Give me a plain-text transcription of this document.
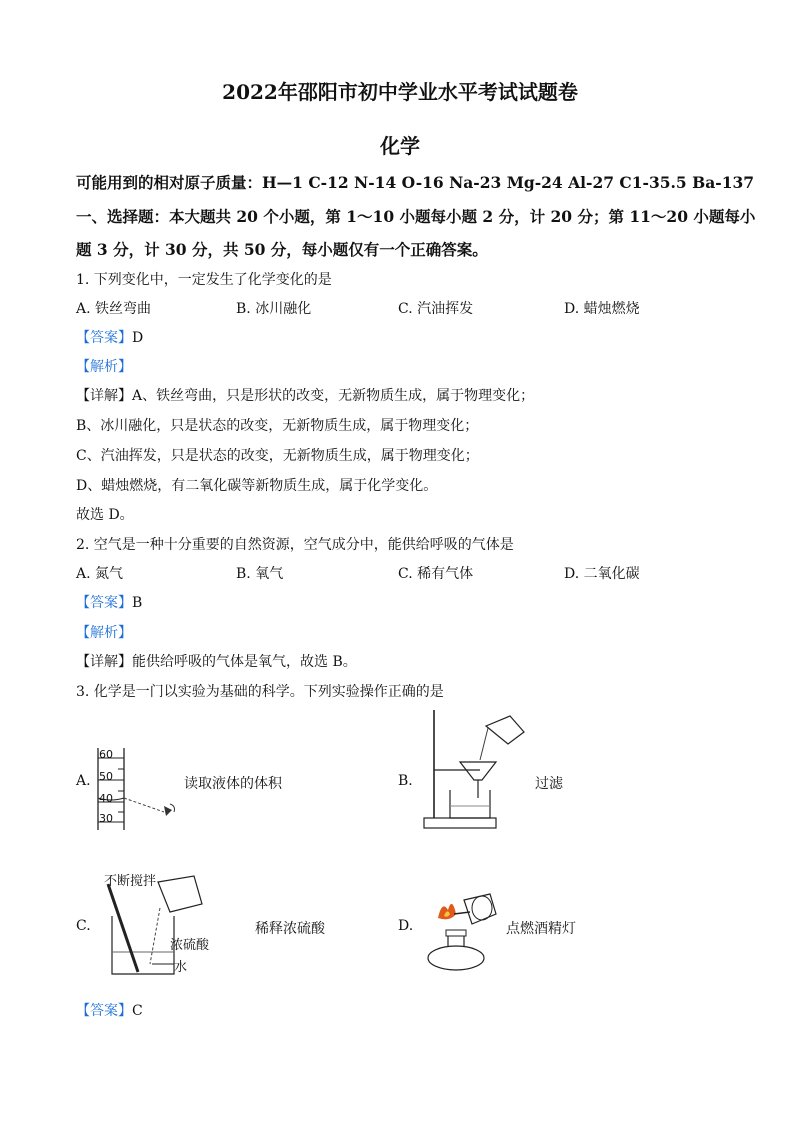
2022年邵阳市初中学业水平考试试题卷
化学
可能用到的相对原子质量：H—1 C-12 N-14 O-16 Na-23 Mg-24 Al-27 C1-35.5 Ba-137
一、选择题：本大题共 20 个小题，第 1～10 小题每小题 2 分，计 20 分；第 11～20 小题每小
题 3 分，计 30 分，共 50 分，每小题仅有一个正确答案。
1. 下列变化中，一定发生了化学变化的是
A. 铁丝弯曲	B. 冰川融化	C. 汽油挥发	D. 蜡烛燃烧
【答案】D
【解析】
【详解】A、铁丝弯曲，只是形状的改变，无新物质生成，属于物理变化；
B、冰川融化，只是状态的改变，无新物质生成，属于物理变化；
C、汽油挥发，只是状态的改变，无新物质生成，属于物理变化；
D、蜡烛燃烧，有二氧化碳等新物质生成，属于化学变化。
故选 D。
2. 空气是一种十分重要的自然资源，空气成分中，能供给呼吸的气体是
A. 氮气	B. 氧气	C. 稀有气体	D. 二氧化碳
【答案】B
【解析】
【详解】能供给呼吸的气体是氧气，故选 B。
3. 化学是一门以实验为基础的科学。下列实验操作正确的是
A.
60
50
40
30
读取液体的体积	B.	过滤
C.
不断搅拌
浓硫酸
水
稀释浓硫酸	D.	点燃酒精灯
【答案】C
